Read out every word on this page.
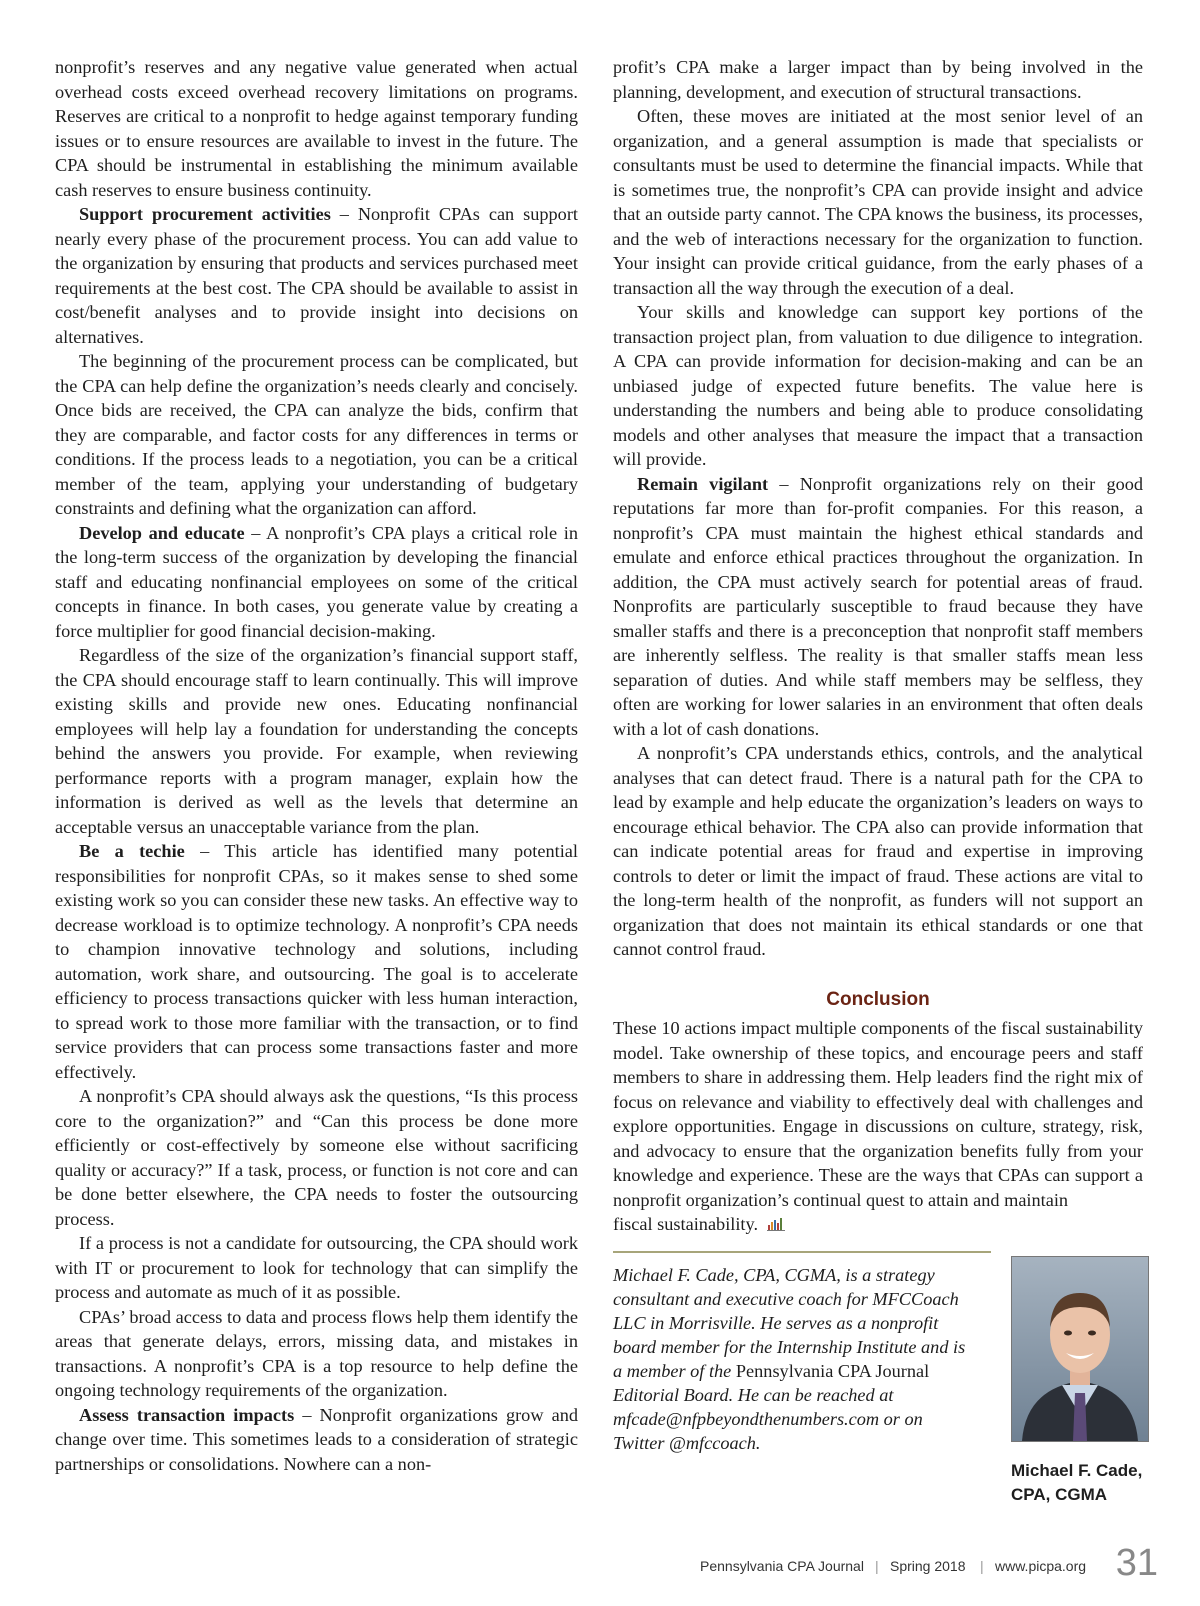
nonprofit’s reserves and any negative value generated when actual overhead costs exceed overhead recovery limitations on programs. Reserves are critical to a nonprofit to hedge against temporary funding issues or to ensure resources are available to invest in the future. The CPA should be instrumental in establishing the minimum available cash reserves to ensure business continuity.

Support procurement activities – Nonprofit CPAs can support nearly every phase of the procurement process. You can add value to the organization by ensuring that products and services purchased meet requirements at the best cost. The CPA should be available to assist in cost/benefit analyses and to provide insight into decisions on alternatives.

The beginning of the procurement process can be complicated, but the CPA can help define the organization’s needs clearly and concisely. Once bids are received, the CPA can analyze the bids, confirm that they are comparable, and factor costs for any differences in terms or conditions. If the process leads to a negotiation, you can be a critical member of the team, applying your understanding of budgetary constraints and defining what the organization can afford.

Develop and educate – A nonprofit’s CPA plays a critical role in the long-term success of the organization by developing the financial staff and educating nonfinancial employees on some of the critical concepts in finance. In both cases, you generate value by creating a force multiplier for good financial decision-making.

Regardless of the size of the organization’s financial support staff, the CPA should encourage staff to learn continually. This will improve existing skills and provide new ones. Educating nonfinancial employees will help lay a foundation for understanding the concepts behind the answers you provide. For example, when reviewing performance reports with a program manager, explain how the information is derived as well as the levels that determine an acceptable versus an unacceptable variance from the plan.

Be a techie – This article has identified many potential responsibilities for nonprofit CPAs, so it makes sense to shed some existing work so you can consider these new tasks. An effective way to decrease workload is to optimize technology. A nonprofit’s CPA needs to champion innovative technology and solutions, including automation, work share, and outsourcing. The goal is to accelerate efficiency to process transactions quicker with less human interaction, to spread work to those more familiar with the transaction, or to find service providers that can process some transactions faster and more effectively.

A nonprofit’s CPA should always ask the questions, “Is this process core to the organization?” and “Can this process be done more efficiently or cost-effectively by someone else without sacrificing quality or accuracy?” If a task, process, or function is not core and can be done better elsewhere, the CPA needs to foster the outsourcing process.

If a process is not a candidate for outsourcing, the CPA should work with IT or procurement to look for technology that can simplify the process and automate as much of it as possible.

CPAs’ broad access to data and process flows help them identify the areas that generate delays, errors, missing data, and mistakes in transactions. A nonprofit’s CPA is a top resource to help define the ongoing technology requirements of the organization.

Assess transaction impacts – Nonprofit organizations grow and change over time. This sometimes leads to a consideration of strategic partnerships or consolidations. Nowhere can a non-

profit’s CPA make a larger impact than by being involved in the planning, development, and execution of structural transactions.

Often, these moves are initiated at the most senior level of an organization, and a general assumption is made that specialists or consultants must be used to determine the financial impacts. While that is sometimes true, the nonprofit’s CPA can provide insight and advice that an outside party cannot. The CPA knows the business, its processes, and the web of interactions necessary for the organization to function. Your insight can provide critical guidance, from the early phases of a transaction all the way through the execution of a deal.

Your skills and knowledge can support key portions of the transaction project plan, from valuation to due diligence to integration. A CPA can provide information for decision-making and can be an unbiased judge of expected future benefits. The value here is understanding the numbers and being able to produce consolidating models and other analyses that measure the impact that a transaction will provide.

Remain vigilant – Nonprofit organizations rely on their good reputations far more than for-profit companies. For this reason, a nonprofit’s CPA must maintain the highest ethical standards and emulate and enforce ethical practices throughout the organization. In addition, the CPA must actively search for potential areas of fraud. Nonprofits are particularly susceptible to fraud because they have smaller staffs and there is a preconception that nonprofit staff members are inherently selfless. The reality is that smaller staffs mean less separation of duties. And while staff members may be selfless, they often are working for lower salaries in an environment that often deals with a lot of cash donations.

A nonprofit’s CPA understands ethics, controls, and the analytical analyses that can detect fraud. There is a natural path for the CPA to lead by example and help educate the organization’s leaders on ways to encourage ethical behavior. The CPA also can provide information that can indicate potential areas for fraud and expertise in improving controls to deter or limit the impact of fraud. These actions are vital to the long-term health of the nonprofit, as funders will not support an organization that does not maintain its ethical standards or one that cannot control fraud.

Conclusion

These 10 actions impact multiple components of the fiscal sustainability model. Take ownership of these topics, and encourage peers and staff members to share in addressing them. Help leaders find the right mix of focus on relevance and viability to effectively deal with challenges and explore opportunities. Engage in discussions on culture, strategy, risk, and advocacy to ensure that the organization benefits fully from your knowledge and experience. These are the ways that CPAs can support a nonprofit organization’s continual quest to attain and maintain

fiscal sustainability.
Michael F. Cade, CPA, CGMA, is a strategy consultant and executive coach for MFCCoach LLC in Morrisville. He serves as a nonprofit board member for the Internship Institute and is a member of the Pennsylvania CPA Journal Editorial Board. He can be reached at mfcade@nfpbeyondthenumbers.com or on Twitter @mfccoach.
Michael F. Cade,
CPA, CGMA
Pennsylvania CPA Journal | Spring 2018 | www.picpa.org 31
